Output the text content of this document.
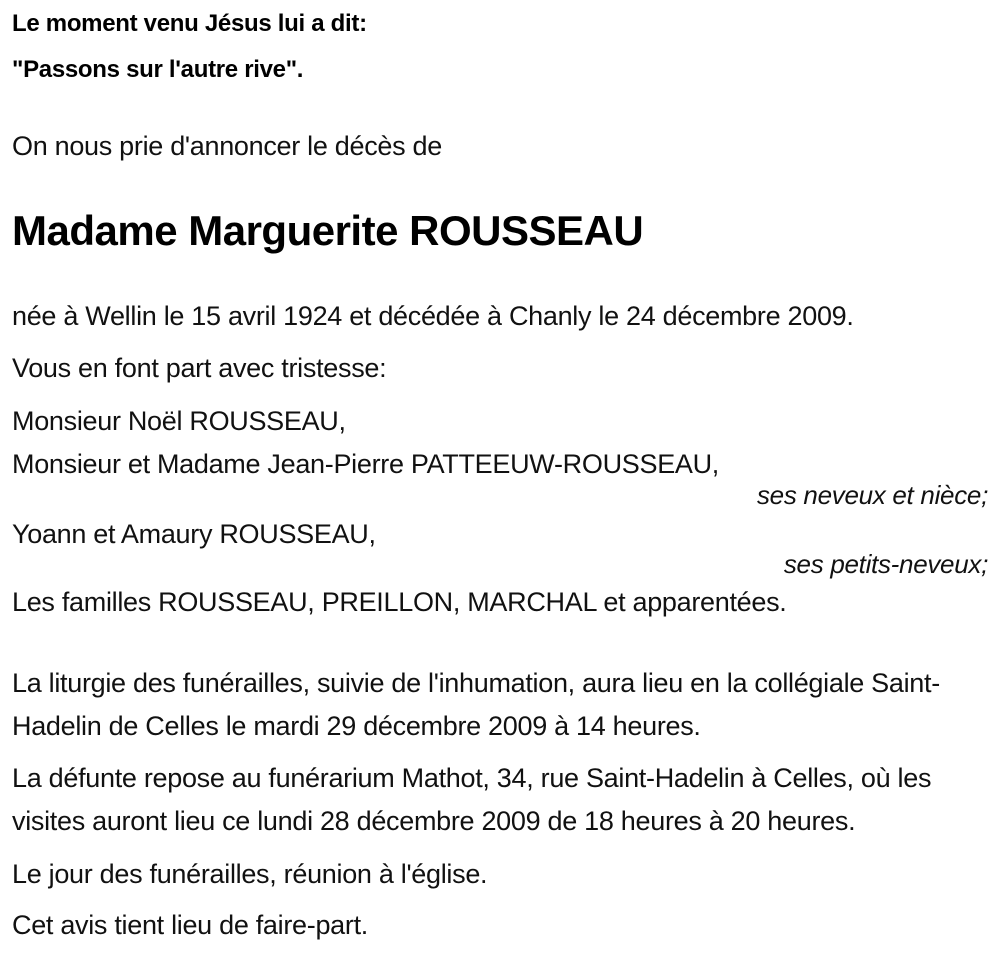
Le moment venu Jésus lui a dit:

"Passons sur l'autre rive".

On nous prie d'annoncer le décès de

Madame Marguerite ROUSSEAU

née à Wellin le 15 avril 1924 et décédée à Chanly le 24 décembre 2009.

Vous en font part avec tristesse:

Monsieur Noël ROUSSEAU,

Monsieur et Madame Jean-Pierre PATTEEUW-ROUSSEAU,

ses neveux et nièce;

Yoann et Amaury ROUSSEAU,

ses petits-neveux;

Les familles ROUSSEAU, PREILLON, MARCHAL et apparentées.

La liturgie des funérailles, suivie de l'inhumation, aura lieu en la collégiale Saint-Hadelin de Celles le mardi 29 décembre 2009 à 14 heures.

La défunte repose au funérarium Mathot, 34, rue Saint-Hadelin à Celles, où les visites auront lieu ce lundi 28 décembre 2009 de 18 heures à 20 heures.

Le jour des funérailles, réunion à l'église.

Cet avis tient lieu de faire-part.
